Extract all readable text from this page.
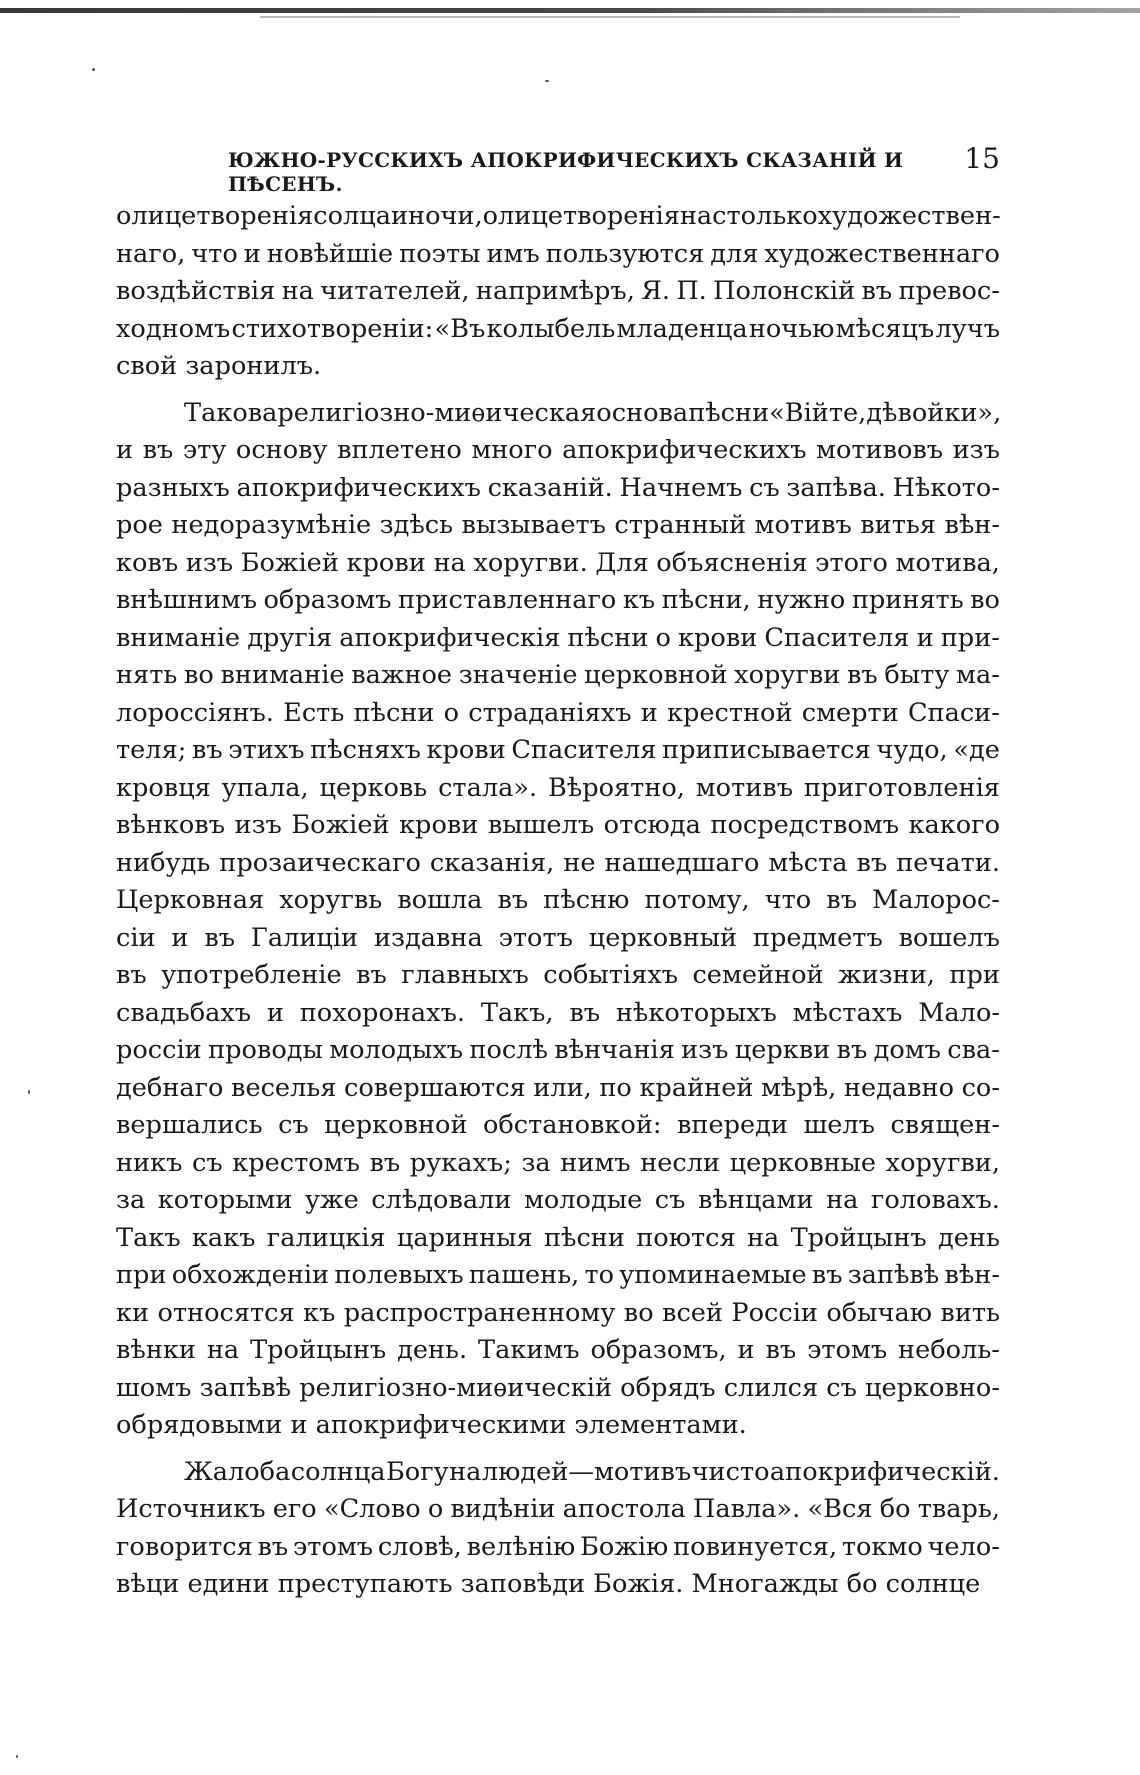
ЮЖНО-РУССКИХЪ АПОКРИФИЧЕСКИХЪ СКАЗАНІЙ И ПѢСЕНЪ.
15
олицетворенія солца и ночи, олицетворенія настолько художествен-
наго, что и новѣйшіе поэты имъ пользуются для художественнаго
воздѣйствія на читателей, напримѣръ, Я. П. Полонскій въ превос-
ходномъ стихотвореніи: «Въ колыбель младенца ночью мѣсяцъ лучъ
свой заронилъ.
Такова религіозно-миѳическая основа пѣсни «Війте, дѣвойки»,
и въ эту основу вплетено много апокрифическихъ мотивовъ изъ
разныхъ апокрифическихъ сказаній. Начнемъ съ запѣва. Нѣкото-
рое недоразумѣніе здѣсь вызываетъ странный мотивъ витья вѣн-
ковъ изъ Божіей крови на хоругви. Для объясненія этого мотива,
внѣшнимъ образомъ приставленнаго къ пѣсни, нужно принять во
вниманіе другія апокрифическія пѣсни о крови Спасителя и при-
нять во вниманіе важное значеніе церковной хоругви въ быту ма-
лороссіянъ. Есть пѣсни о страданіяхъ и крестной смерти Спаси-
теля; въ этихъ пѣсняхъ крови Спасителя приписывается чудо, «де
кровця упала, церковь стала». Вѣроятно, мотивъ приготовленія
вѣнковъ изъ Божіей крови вышелъ отсюда посредствомъ какого
нибудь прозаическаго сказанія, не нашедшаго мѣста въ печати.
Церковная хоругвь вошла въ пѣсню потому, что въ Малорос-
сіи и въ Галиціи издавна этотъ церковный предметъ вошелъ
въ употребленіе въ главныхъ событіяхъ семейной жизни, при
свадьбахъ и похоронахъ. Такъ, въ нѣкоторыхъ мѣстахъ Мало-
россіи проводы молодыхъ послѣ вѣнчанія изъ церкви въ домъ сва-
дебнаго веселья совершаются или, по крайней мѣрѣ, недавно со-
вершались съ церковной обстановкой: впереди шелъ священ-
никъ съ крестомъ въ рукахъ; за нимъ несли церковные хоругви,
за которыми уже слѣдовали молодые съ вѣнцами на головахъ.
Такъ какъ галицкія царинныя пѣсни поются на Тройцынъ день
при обхожденіи полевыхъ пашень, то упоминаемые въ запѣвѣ вѣн-
ки относятся къ распространенному во всей Россіи обычаю вить
вѣнки на Тройцынъ день. Такимъ образомъ, и въ этомъ неболь-
шомъ запѣвѣ религіозно-миѳическій обрядъ слился съ церковно-
обрядовыми и апокрифическими элементами.
Жалоба солнца Богу на людей—мотивъ чисто апокрифическій.
Источникъ его «Слово о видѣніи апостола Павла». «Вся бо тварь,
говорится въ этомъ словѣ, велѣнію Божію повинуется, токмо чело-
вѣци едини преступають заповѣди Божія. Многажды бо солнце
